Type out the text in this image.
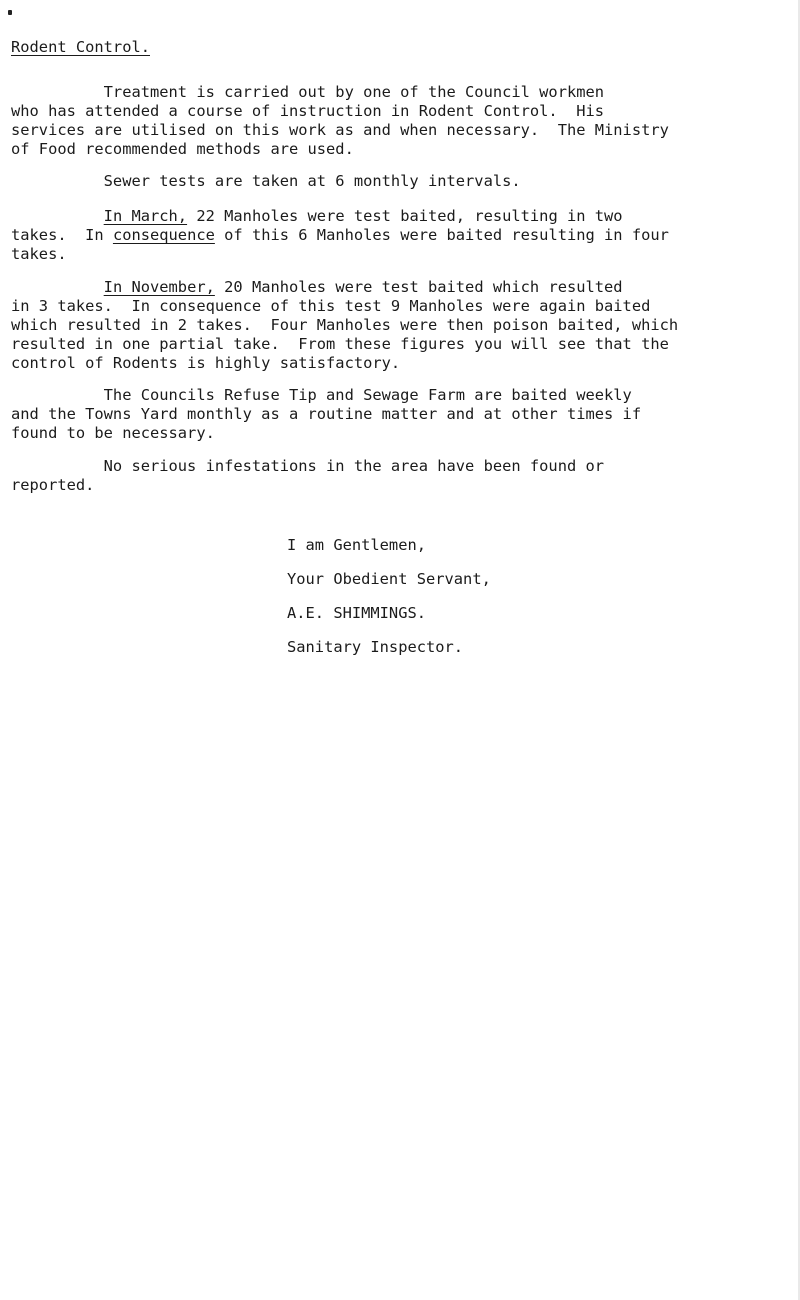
Rodent Control.
Treatment is carried out by one of the Council workmen
who has attended a course of instruction in Rodent Control.  His
services are utilised on this work as and when necessary.  The Ministry
of Food recommended methods are used.
Sewer tests are taken at 6 monthly intervals.
In March, 22 Manholes were test baited, resulting in two
takes.  In consequence of this 6 Manholes were baited resulting in four
takes.
In November, 20 Manholes were test baited which resulted
in 3 takes.  In consequence of this test 9 Manholes were again baited
which resulted in 2 takes.  Four Manholes were then poison baited, which
resulted in one partial take.  From these figures you will see that the
control of Rodents is highly satisfactory.
The Councils Refuse Tip and Sewage Farm are baited weekly
and the Towns Yard monthly as a routine matter and at other times if
found to be necessary.
No serious infestations in the area have been found or
reported.
I am Gentlemen,
Your Obedient Servant,
A.E. SHIMMINGS.
Sanitary Inspector.
